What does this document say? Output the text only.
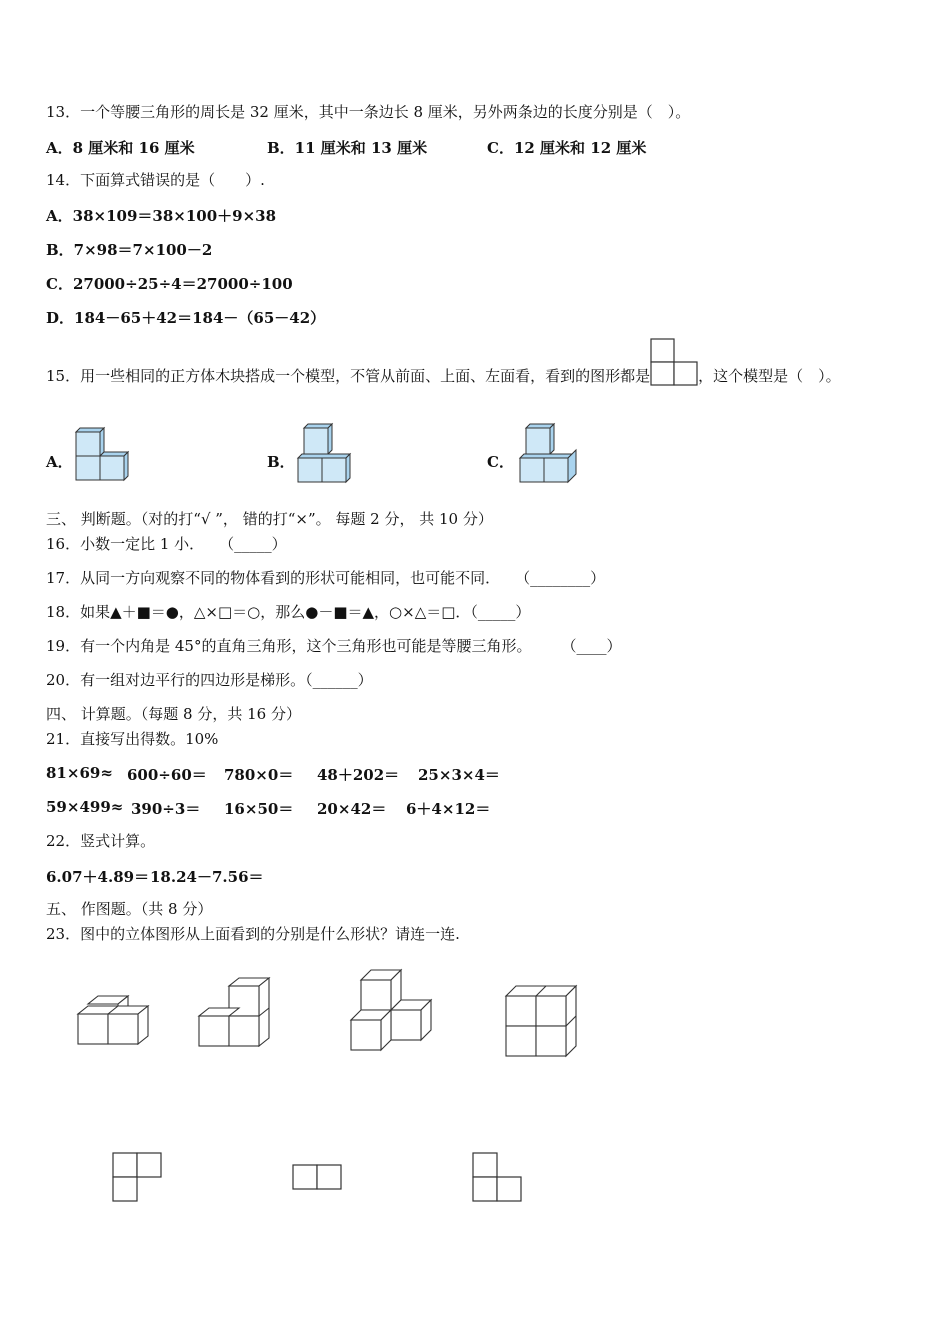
13．一个等腰三角形的周长是 32 厘米，其中一条边长 8 厘米，另外两条边的长度分别是（　）。
A．8 厘米和 16 厘米	B．11 厘米和 13 厘米	C．12 厘米和 12 厘米
14．下面算式错误的是（　　）.
A．38×109＝38×100＋9×38
B．7×98＝7×100－2
C．27000÷25÷4＝27000÷100
D．184－65＋42＝184－（65－42）
15．用一些相同的正方体木块搭成一个模型，不管从前面、上面、左面看，看到的图形都是	，这个模型是（　）。
A．	B．	C．
三、 判断题。（对的打“√ ”， 错的打“×”。 每题 2 分， 共 10 分）
16．小数一定比 1 小．　　（_____）
17．从同一方向观察不同的物体看到的形状可能相同，也可能不同．　　（________）
18．如果▲＋■＝●，△×□＝○，那么●－■＝▲，○×△＝□．（_____）
19．有一个内角是 45°的直角三角形，这个三角形也可能是等腰三角形。　　　（____）
20．有一组对边平行的四边形是梯形。（______）
四、 计算题。（每题 8 分，共 16 分）
21．直接写出得数。10%
81×69≈ 600÷60＝ 780×0＝ 48＋202＝ 25×3×4＝
59×499≈ 390÷3＝ 16×50＝ 20×42＝ 6＋4×12＝
22．竖式计算。
6.07＋4.89＝ 18.24－7.56＝
五、 作图题。（共 8 分）
23．图中的立体图形从上面看到的分别是什么形状？请连一连.
